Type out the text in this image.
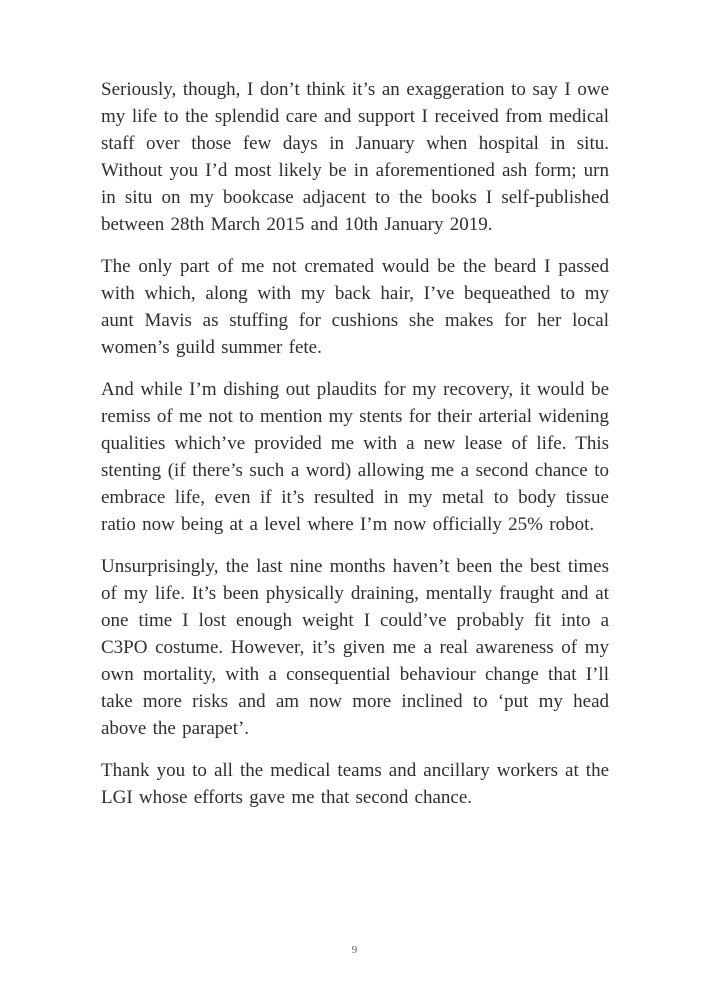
Seriously, though, I don’t think it’s an exaggeration to say I owe my life to the splendid care and support I received from medical staff over those few days in January when hospital in situ. Without you I’d most likely be in aforementioned ash form; urn in situ on my bookcase adjacent to the books I self-published between 28th March 2015 and 10th January 2019.

The only part of me not cremated would be the beard I passed with which, along with my back hair, I’ve bequeathed to my aunt Mavis as stuffing for cushions she makes for her local women’s guild summer fete.

And while I’m dishing out plaudits for my recovery, it would be remiss of me not to mention my stents for their arterial widening qualities which’ve provided me with a new lease of life. This stenting (if there’s such a word) allowing me a second chance to embrace life, even if it’s resulted in my metal to body tissue ratio now being at a level where I’m now officially 25% robot.

Unsurprisingly, the last nine months haven’t been the best times of my life. It’s been physically draining, mentally fraught and at one time I lost enough weight I could’ve probably fit into a C3PO costume. However, it’s given me a real awareness of my own mortality, with a consequential behaviour change that I’ll take more risks and am now more inclined to ‘put my head above the parapet’.

Thank you to all the medical teams and ancillary workers at the LGI whose efforts gave me that second chance.

9
